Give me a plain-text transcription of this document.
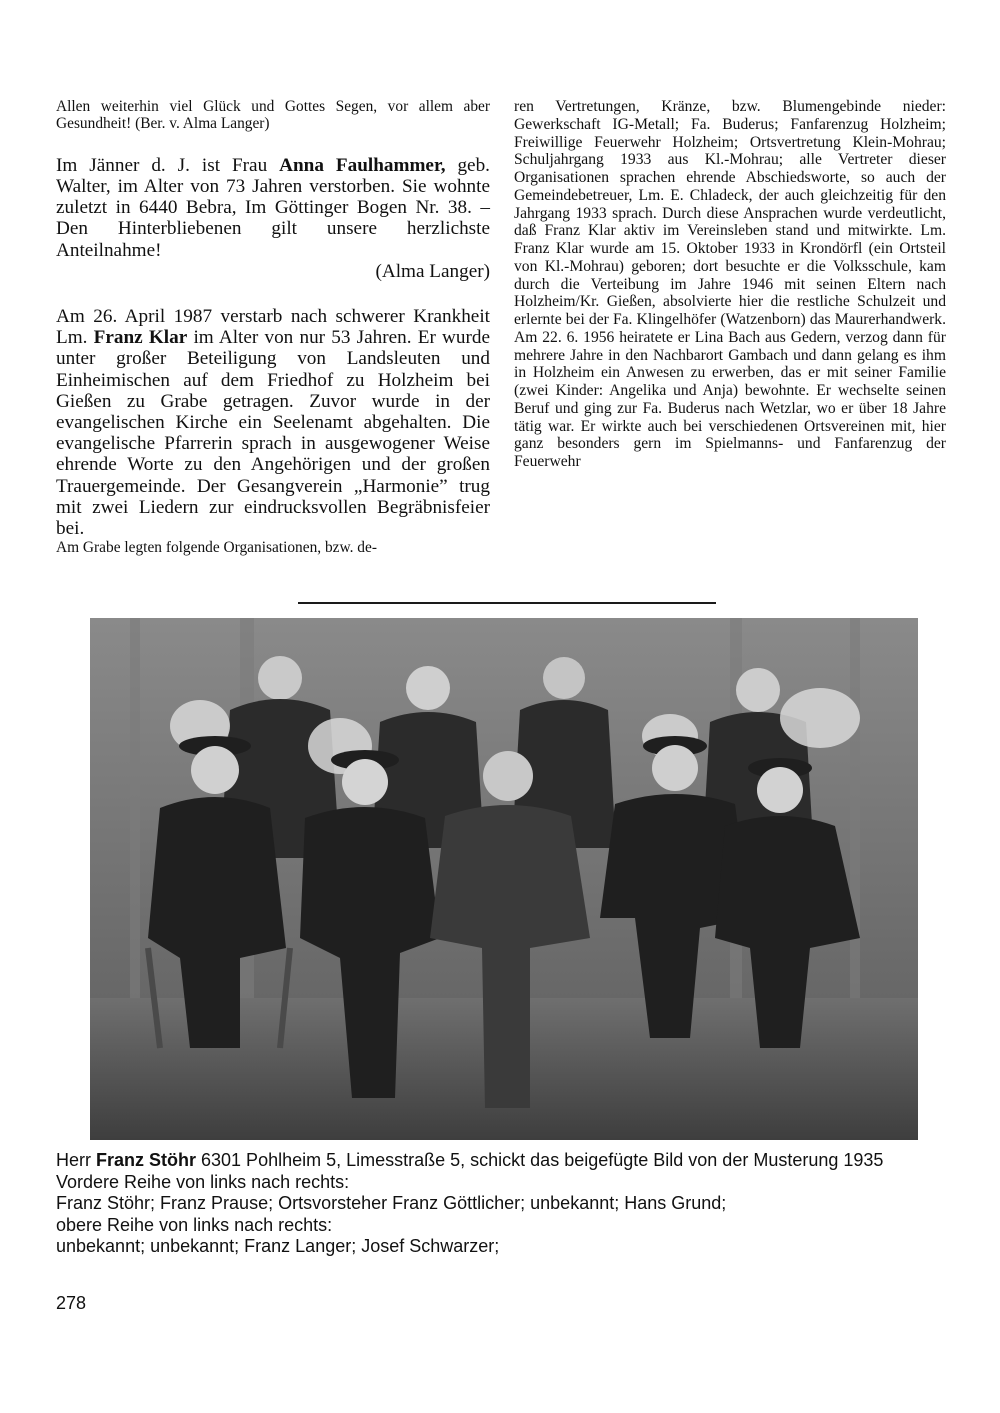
Allen weiterhin viel Glück und Gottes Segen, vor allem aber Gesundheit! (Ber. v. Alma Langer)

Im Jänner d. J. ist Frau Anna Faulhammer, geb. Walter, im Alter von 73 Jahren verstorben. Sie wohnte zuletzt in 6440 Bebra, Im Göttinger Bogen Nr. 38. – Den Hinterbliebenen gilt unsere herzlichste Anteilnahme!
(Alma Langer)

Am 26. April 1987 verstarb nach schwerer Krankheit Lm. Franz Klar im Alter von nur 53 Jahren. Er wurde unter großer Beteiligung von Landsleuten und Einheimischen auf dem Friedhof zu Holzheim bei Gießen zu Grabe getragen. Zuvor wurde in der evangelischen Kirche ein Seelenamt abgehalten. Die evangelische Pfarrerin sprach in ausgewogener Weise ehrende Worte zu den Angehörigen und der großen Trauergemeinde. Der Gesangverein „Harmonie” trug mit zwei Liedern zur eindrucksvollen Begräbnisfeier bei.

Am Grabe legten folgende Organisationen, bzw. de-

ren Vertretungen, Kränze, bzw. Blumengebinde nieder: Gewerkschaft IG-Metall; Fa. Buderus; Fanfarenzug Holzheim; Freiwillige Feuerwehr Holzheim; Ortsvertretung Klein-Mohrau; Schuljahrgang 1933 aus Kl.-Mohrau; alle Vertreter dieser Organisationen sprachen ehrende Abschiedsworte, so auch der Gemeindebetreuer, Lm. E. Chladeck, der auch gleichzeitig für den Jahrgang 1933 sprach. Durch diese Ansprachen wurde verdeutlicht, daß Franz Klar aktiv im Vereinsleben stand und mitwirkte. Lm. Franz Klar wurde am 15. Oktober 1933 in Krondörfl (ein Ortsteil von Kl.-Mohrau) geboren; dort besuchte er die Volksschule, kam durch die Verteibung im Jahre 1946 mit seinen Eltern nach Holzheim/Kr. Gießen, absolvierte hier die restliche Schulzeit und erlernte bei der Fa. Klingelhöfer (Watzenborn) das Maurerhandwerk. Am 22. 6. 1956 heiratete er Lina Bach aus Gedern, verzog dann für mehrere Jahre in den Nachbarort Gambach und dann gelang es ihm in Holzheim ein Anwesen zu erwerben, das er mit seiner Familie (zwei Kinder: Angelika und Anja) bewohnte. Er wechselte seinen Beruf und ging zur Fa. Buderus nach Wetzlar, wo er über 18 Jahre tätig war. Er wirkte auch bei verschiedenen Ortsvereinen mit, hier ganz besonders gern im Spielmanns- und Fanfarenzug der Feuerwehr

Herr Franz Stöhr 6301 Pohlheim 5, Limesstraße 5, schickt das beigefügte Bild von der Musterung 1935

Vordere Reihe von links nach rechts:

Franz Stöhr; Franz Prause; Ortsvorsteher Franz Göttlicher; unbekannt; Hans Grund;

obere Reihe von links nach rechts:

unbekannt; unbekannt; Franz Langer; Josef Schwarzer;

278
